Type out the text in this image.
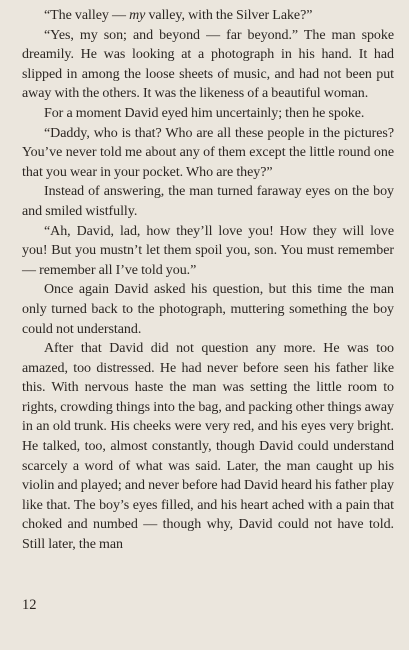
“The valley — my valley, with the Silver Lake?”

“Yes, my son; and beyond — far beyond.” The man spoke dreamily. He was looking at a photograph in his hand. It had slipped in among the loose sheets of music, and had not been put away with the others. It was the likeness of a beautiful woman.

For a moment David eyed him uncertainly; then he spoke.

“Daddy, who is that? Who are all these people in the pictures? You’ve never told me about any of them except the little round one that you wear in your pocket. Who are they?”

Instead of answering, the man turned faraway eyes on the boy and smiled wistfully.

“Ah, David, lad, how they’ll love you! How they will love you! But you mustn’t let them spoil you, son. You must remember — remember all I’ve told you.”

Once again David asked his question, but this time the man only turned back to the photograph, muttering something the boy could not understand.

After that David did not question any more. He was too amazed, too distressed. He had never before seen his father like this. With nervous haste the man was setting the little room to rights, crowding things into the bag, and packing other things away in an old trunk. His cheeks were very red, and his eyes very bright. He talked, too, almost constantly, though David could understand scarcely a word of what was said. Later, the man caught up his violin and played; and never before had David heard his father play like that. The boy’s eyes filled, and his heart ached with a pain that choked and numbed — though why, David could not have told. Still later, the man

12
